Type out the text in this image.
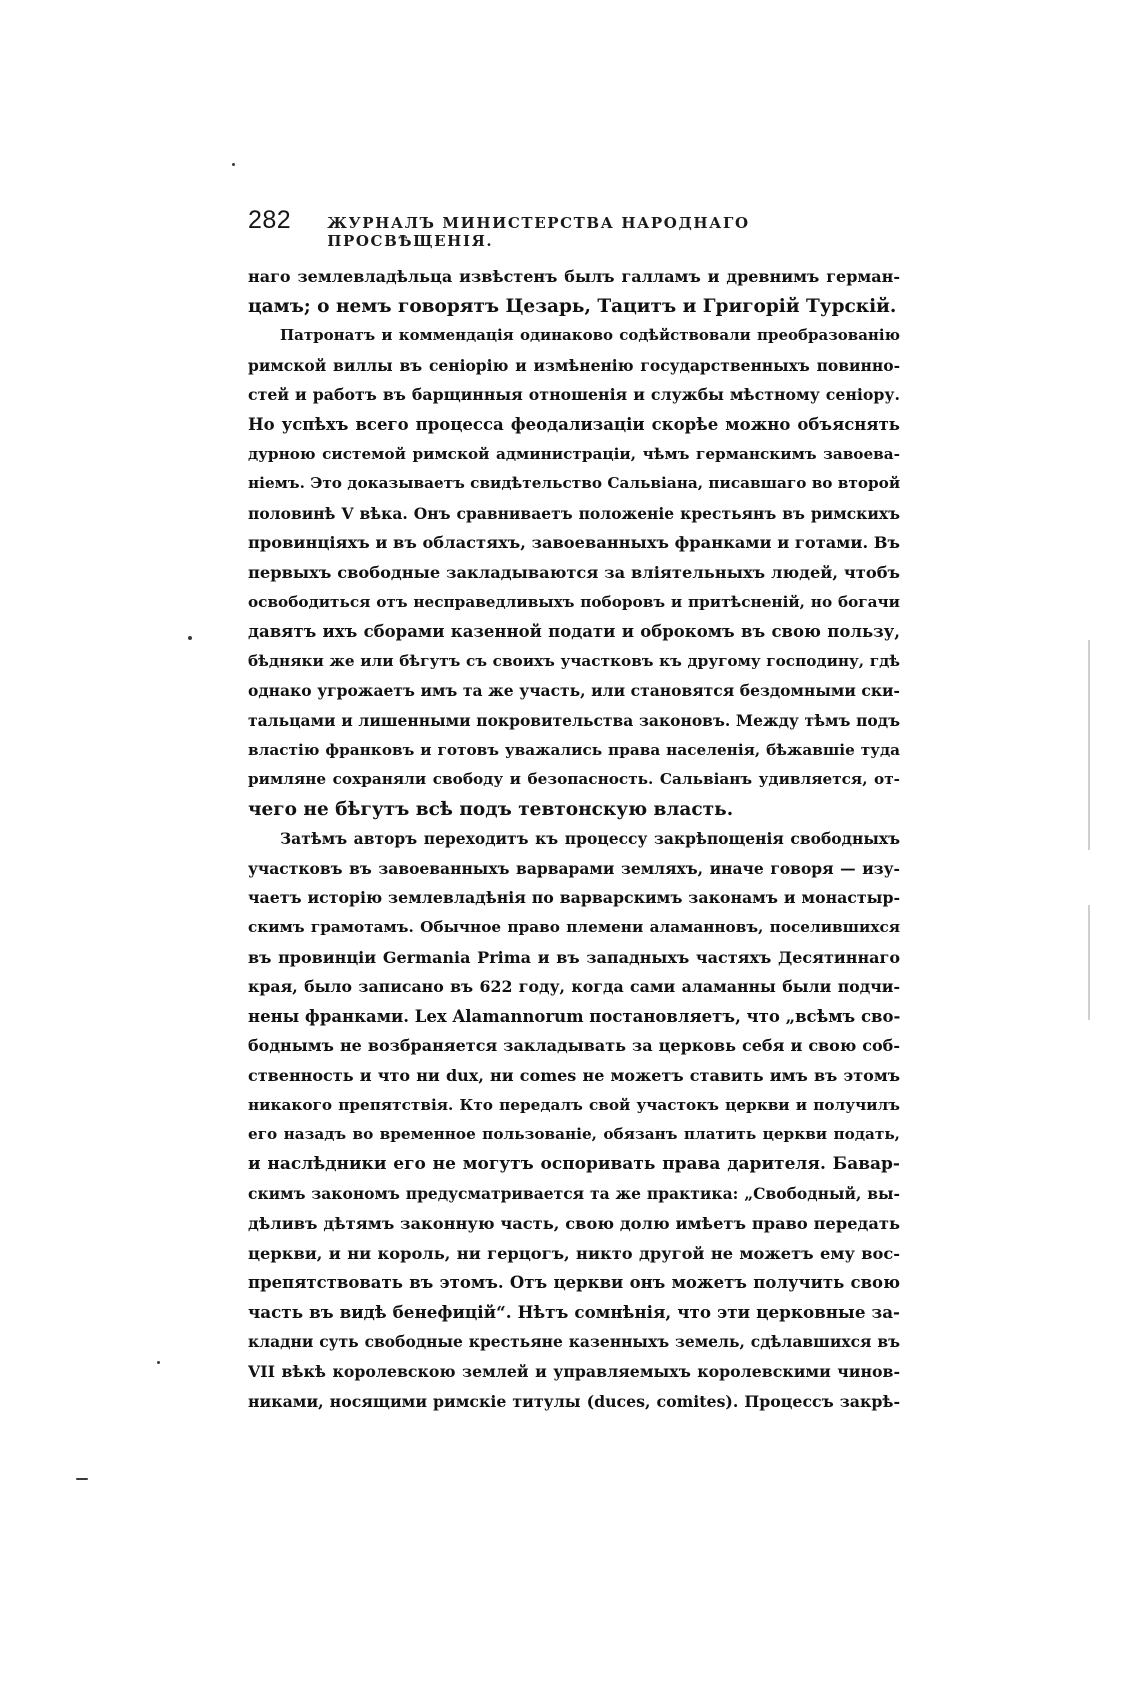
282 ЖУРНАЛЪ МИНИСТЕРСТВА НАРОДНАГО ПРОСВѢЩЕНІЯ.
наго землевладѣльца извѣстенъ былъ галламъ и древнимъ герман-
цамъ; о немъ говорятъ Цезарь, Тацитъ и Григорій Турскій.
Патронатъ и коммендація одинаково содѣйствовали преобразованію
римской виллы въ сеніорію и измѣненію государственныхъ повинно-
стей и работъ въ барщинныя отношенія и службы мѣстному сеніору.
Но успѣхъ всего процесса феодализаціи скорѣе можно объяснять
дурною системой римской администраціи, чѣмъ германскимъ завоева-
ніемъ. Это доказываетъ свидѣтельство Сальвіана, писавшаго во второй
половинѣ V вѣка. Онъ сравниваетъ положеніе крестьянъ въ римскихъ
провинціяхъ и въ областяхъ, завоеванныхъ франками и готами. Въ
первыхъ свободные закладываются за вліятельныхъ людей, чтобъ
освободиться отъ несправедливыхъ поборовъ и притѣсненій, но богачи
давятъ ихъ сборами казенной подати и оброкомъ въ свою пользу,
бѣдняки же или бѣгутъ съ своихъ участковъ къ другому господину, гдѣ
однако угрожаетъ имъ та же участь, или становятся бездомными ски-
тальцами и лишенными покровительства законовъ. Между тѣмъ подъ
властію франковъ и готовъ уважались права населенія, бѣжавшіе туда
римляне сохраняли свободу и безопасность. Сальвіанъ удивляется, от-
чего не бѣгутъ всѣ подъ тевтонскую власть.
Затѣмъ авторъ переходитъ къ процессу закрѣпощенія свободныхъ
участковъ въ завоеванныхъ варварами земляхъ, иначе говоря — изу-
чаетъ исторію землевладѣнія по варварскимъ законамъ и монастыр-
скимъ грамотамъ. Обычное право племени аламанновъ, поселившихся
въ провинціи Germania Prima и въ западныхъ частяхъ Десятиннаго
края, было записано въ 622 году, когда сами аламанны были подчи-
нены франками. Lex Alamannorum постановляетъ, что „всѣмъ сво-
боднымъ не возбраняется закладывать за церковь себя и свою соб-
ственность и что ни dux, ни comes не можетъ ставить имъ въ этомъ
никакого препятствія. Кто передалъ свой участокъ церкви и получилъ
его назадъ во временное пользованіе, обязанъ платить церкви подать,
и наслѣдники его не могутъ оспоривать права дарителя. Бавар-
скимъ закономъ предусматривается та же практика: „Свободный, вы-
дѣливъ дѣтямъ законную часть, свою долю имѣетъ право передать
церкви, и ни король, ни герцогъ, никто другой не можетъ ему вос-
препятствовать въ этомъ. Отъ церкви онъ можетъ получить свою
часть въ видѣ бенефицій“. Нѣтъ сомнѣнія, что эти церковные за-
кладни суть свободные крестьяне казенныхъ земель, сдѣлавшихся въ
VII вѣкѣ королевскою землей и управляемыхъ королевскими чинов-
никами, носящими римскіе титулы (duces, comites). Процессъ закрѣ-
